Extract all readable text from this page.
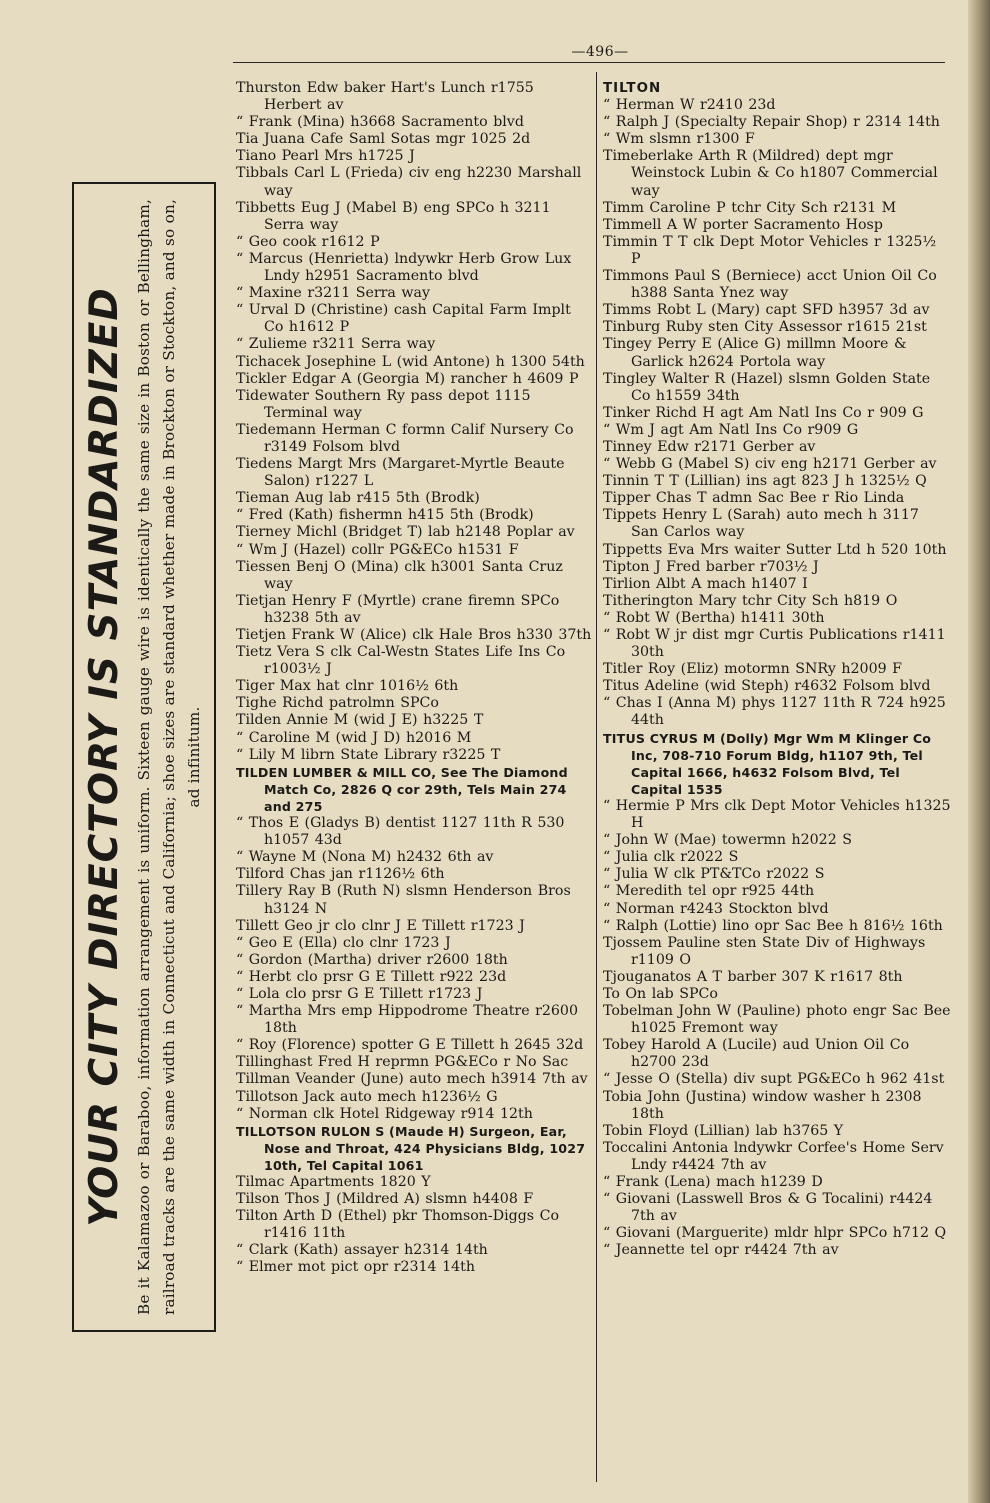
—496—
YOUR CITY DIRECTORY IS STANDARDIZED Be it Kalamazoo or Baraboo, information arrangement is uniform. Sixteen gauge wire is identically the same size in Boston or Bellingham, railroad tracks are the same width in Connecticut and California; shoe sizes are standard whether made in Brockton or Stockton, and so on, ad infinitum.

Thurston Edw baker Hart's Lunch r1755 Herbert av

“ Frank (Mina) h3668 Sacramento blvd

Tia Juana Cafe Saml Sotas mgr 1025 2d

Tiano Pearl Mrs h1725 J

Tibbals Carl L (Frieda) civ eng h2230 Marshall way

Tibbetts Eug J (Mabel B) eng SPCo h 3211 Serra way

“ Geo cook r1612 P

“ Marcus (Henrietta) lndywkr Herb Grow Lux Lndy h2951 Sacramento blvd

“ Maxine r3211 Serra way

“ Urval D (Christine) cash Capital Farm Implt Co h1612 P

“ Zulieme r3211 Serra way

Tichacek Josephine L (wid Antone) h 1300 54th

Tickler Edgar A (Georgia M) rancher h 4609 P

Tidewater Southern Ry pass depot 1115 Terminal way

Tiedemann Herman C formn Calif Nursery Co r3149 Folsom blvd

Tiedens Margt Mrs (Margaret-Myrtle Beaute Salon) r1227 L

Tieman Aug lab r415 5th (Brodk)

“ Fred (Kath) fishermn h415 5th (Brodk)

Tierney Michl (Bridget T) lab h2148 Poplar av

“ Wm J (Hazel) collr PG&ECo h1531 F

Tiessen Benj O (Mina) clk h3001 Santa Cruz way

Tietjan Henry F (Myrtle) crane firemn SPCo h3238 5th av

Tietjen Frank W (Alice) clk Hale Bros h330 37th

Tietz Vera S clk Cal-Westn States Life Ins Co r1003½ J

Tiger Max hat clnr 1016½ 6th

Tighe Richd patrolmn SPCo

Tilden Annie M (wid J E) h3225 T

“ Caroline M (wid J D) h2016 M

“ Lily M librn State Library r3225 T

TILDEN LUMBER & MILL CO, See The Diamond Match Co, 2826 Q cor 29th, Tels Main 274 and 275

“ Thos E (Gladys B) dentist 1127 11th R 530 h1057 43d

“ Wayne M (Nona M) h2432 6th av

Tilford Chas jan r1126½ 6th

Tillery Ray B (Ruth N) slsmn Henderson Bros h3124 N

Tillett Geo jr clo clnr J E Tillett r1723 J

“ Geo E (Ella) clo clnr 1723 J

“ Gordon (Martha) driver r2600 18th

“ Herbt clo prsr G E Tillett r922 23d

“ Lola clo prsr G E Tillett r1723 J

“ Martha Mrs emp Hippodrome Theatre r2600 18th

“ Roy (Florence) spotter G E Tillett h 2645 32d

Tillinghast Fred H reprmn PG&ECo r No Sac

Tillman Veander (June) auto mech h3914 7th av

Tillotson Jack auto mech h1236½ G

“ Norman clk Hotel Ridgeway r914 12th

TILLOTSON RULON S (Maude H) Surgeon, Ear, Nose and Throat, 424 Physicians Bldg, 1027 10th, Tel Capital 1061

Tilmac Apartments 1820 Y

Tilson Thos J (Mildred A) slsmn h4408 F

Tilton Arth D (Ethel) pkr Thomson-Diggs Co r1416 11th

“ Clark (Kath) assayer h2314 14th

“ Elmer mot pict opr r2314 14th

TILTON

“ Herman W r2410 23d

“ Ralph J (Specialty Repair Shop) r 2314 14th

“ Wm slsmn r1300 F

Timeberlake Arth R (Mildred) dept mgr Weinstock Lubin & Co h1807 Commercial way

Timm Caroline P tchr City Sch r2131 M

Timmell A W porter Sacramento Hosp

Timmin T T clk Dept Motor Vehicles r 1325½ P

Timmons Paul S (Berniece) acct Union Oil Co h388 Santa Ynez way

Timms Robt L (Mary) capt SFD h3957 3d av

Tinburg Ruby sten City Assessor r1615 21st

Tingey Perry E (Alice G) millmn Moore & Garlick h2624 Portola way

Tingley Walter R (Hazel) slsmn Golden State Co h1559 34th

Tinker Richd H agt Am Natl Ins Co r 909 G

“ Wm J agt Am Natl Ins Co r909 G

Tinney Edw r2171 Gerber av

“ Webb G (Mabel S) civ eng h2171 Gerber av

Tinnin T T (Lillian) ins agt 823 J h 1325½ Q

Tipper Chas T admn Sac Bee r Rio Linda

Tippets Henry L (Sarah) auto mech h 3117 San Carlos way

Tippetts Eva Mrs waiter Sutter Ltd h 520 10th

Tipton J Fred barber r703½ J

Tirlion Albt A mach h1407 I

Titherington Mary tchr City Sch h819 O

“ Robt W (Bertha) h1411 30th

“ Robt W jr dist mgr Curtis Publications r1411 30th

Titler Roy (Eliz) motormn SNRy h2009 F

Titus Adeline (wid Steph) r4632 Folsom blvd

“ Chas I (Anna M) phys 1127 11th R 724 h925 44th

TITUS CYRUS M (Dolly) Mgr Wm M Klinger Co Inc, 708-710 Forum Bldg, h1107 9th, Tel Capital 1666, h4632 Folsom Blvd, Tel Capital 1535

“ Hermie P Mrs clk Dept Motor Vehicles h1325 H

“ John W (Mae) towermn h2022 S

“ Julia clk r2022 S

“ Julia W clk PT&TCo r2022 S

“ Meredith tel opr r925 44th

“ Norman r4243 Stockton blvd

“ Ralph (Lottie) lino opr Sac Bee h 816½ 16th

Tjossem Pauline sten State Div of Highways r1109 O

Tjouganatos A T barber 307 K r1617 8th

To On lab SPCo

Tobelman John W (Pauline) photo engr Sac Bee h1025 Fremont way

Tobey Harold A (Lucile) aud Union Oil Co h2700 23d

“ Jesse O (Stella) div supt PG&ECo h 962 41st

Tobia John (Justina) window washer h 2308 18th

Tobin Floyd (Lillian) lab h3765 Y

Toccalini Antonia lndywkr Corfee's Home Serv Lndy r4424 7th av

“ Frank (Lena) mach h1239 D

“ Giovani (Lasswell Bros & G Tocalini) r4424 7th av

“ Giovani (Marguerite) mldr hlpr SPCo h712 Q

“ Jeannette tel opr r4424 7th av
